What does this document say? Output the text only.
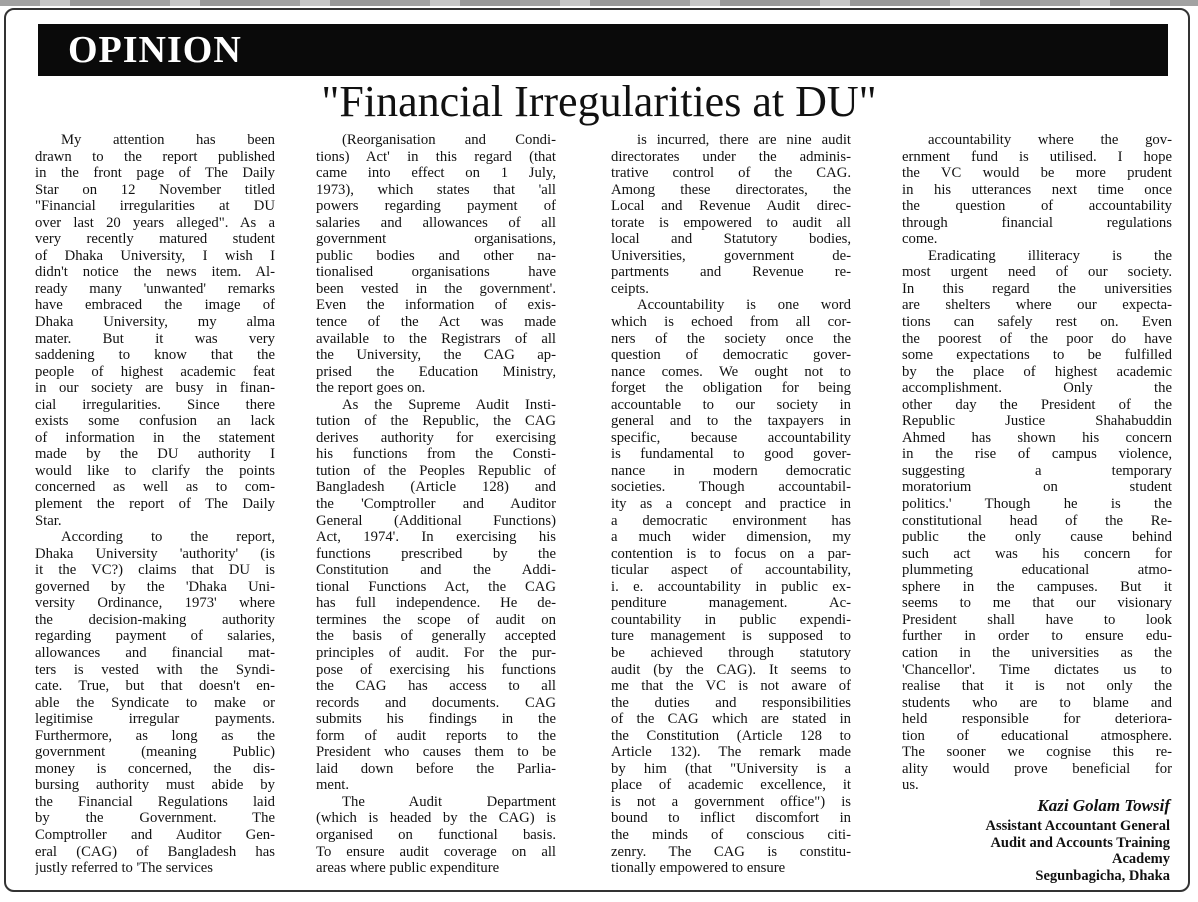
OPINION
"Financial Irregularities at DU"
My attention has been
drawn to the report published
in the front page of The Daily
Star on 12 November titled
"Financial irregularities at DU
over last 20 years alleged". As a
very recently matured student
of Dhaka University, I wish I
didn't notice the news item. Al-
ready many 'unwanted' remarks
have embraced the image of
Dhaka University, my alma
mater. But it was very
saddening to know that the
people of highest academic feat
in our society are busy in finan-
cial irregularities. Since there
exists some confusion an lack
of information in the statement
made by the DU authority I
would like to clarify the points
concerned as well as to com-
plement the report of The Daily
Star.
According to the report,
Dhaka University 'authority' (is
it the VC?) claims that DU is
governed by the 'Dhaka Uni-
versity Ordinance, 1973' where
the decision-making authority
regarding payment of salaries,
allowances and financial mat-
ters is vested with the Syndi-
cate. True, but that doesn't en-
able the Syndicate to make or
legitimise irregular payments.
Furthermore, as long as the
government (meaning Public)
money is concerned, the dis-
bursing authority must abide by
the Financial Regulations laid
by the Government. The
Comptroller and Auditor Gen-
eral (CAG) of Bangladesh has
justly referred to 'The services
(Reorganisation and Condi-
tions) Act' in this regard (that
came into effect on 1 July,
1973), which states that 'all
powers regarding payment of
salaries and allowances of all
government organisations,
public bodies and other na-
tionalised organisations have
been vested in the government'.
Even the information of exis-
tence of the Act was made
available to the Registrars of all
the University, the CAG ap-
prised the Education Ministry,
the report goes on.
As the Supreme Audit Insti-
tution of the Republic, the CAG
derives authority for exercising
his functions from the Consti-
tution of the Peoples Republic of
Bangladesh (Article 128) and
the 'Comptroller and Auditor
General (Additional Functions)
Act, 1974'. In exercising his
functions prescribed by the
Constitution and the Addi-
tional Functions Act, the CAG
has full independence. He de-
termines the scope of audit on
the basis of generally accepted
principles of audit. For the pur-
pose of exercising his functions
the CAG has access to all
records and documents. CAG
submits his findings in the
form of audit reports to the
President who causes them to be
laid down before the Parlia-
ment.
The Audit Department
(which is headed by the CAG) is
organised on functional basis.
To ensure audit coverage on all
areas where public expenditure
is incurred, there are nine audit
directorates under the adminis-
trative control of the CAG.
Among these directorates, the
Local and Revenue Audit direc-
torate is empowered to audit all
local and Statutory bodies,
Universities, government de-
partments and Revenue re-
ceipts.
Accountability is one word
which is echoed from all cor-
ners of the society once the
question of democratic gover-
nance comes. We ought not to
forget the obligation for being
accountable to our society in
general and to the taxpayers in
specific, because accountability
is fundamental to good gover-
nance in modern democratic
societies. Though accountabil-
ity as a concept and practice in
a democratic environment has
a much wider dimension, my
contention is to focus on a par-
ticular aspect of accountability,
i. e. accountability in public ex-
penditure management. Ac-
countability in public expendi-
ture management is supposed to
be achieved through statutory
audit (by the CAG). It seems to
me that the VC is not aware of
the duties and responsibilities
of the CAG which are stated in
the Constitution (Article 128 to
Article 132). The remark made
by him (that "University is a
place of academic excellence, it
is not a government office") is
bound to inflict discomfort in
the minds of conscious citi-
zenry. The CAG is constitu-
tionally empowered to ensure
accountability where the gov-
ernment fund is utilised. I hope
the VC would be more prudent
in his utterances next time once
the question of accountability
through financial regulations
come.
Eradicating illiteracy is the
most urgent need of our society.
In this regard the universities
are shelters where our expecta-
tions can safely rest on. Even
the poorest of the poor do have
some expectations to be fulfilled
by the place of highest academic
accomplishment. Only the
other day the President of the
Republic Justice Shahabuddin
Ahmed has shown his concern
in the rise of campus violence,
suggesting a temporary
moratorium on student
politics.' Though he is the
constitutional head of the Re-
public the only cause behind
such act was his concern for
plummeting educational atmo-
sphere in the campuses. But it
seems to me that our visionary
President shall have to look
further in order to ensure edu-
cation in the universities as the
'Chancellor'. Time dictates us to
realise that it is not only the
students who are to blame and
held responsible for deteriora-
tion of educational atmosphere.
The sooner we cognise this re-
ality would prove beneficial for
us.
Kazi Golam Towsif
Assistant Accountant General
Audit and Accounts Training
Academy
Segunbagicha, Dhaka
